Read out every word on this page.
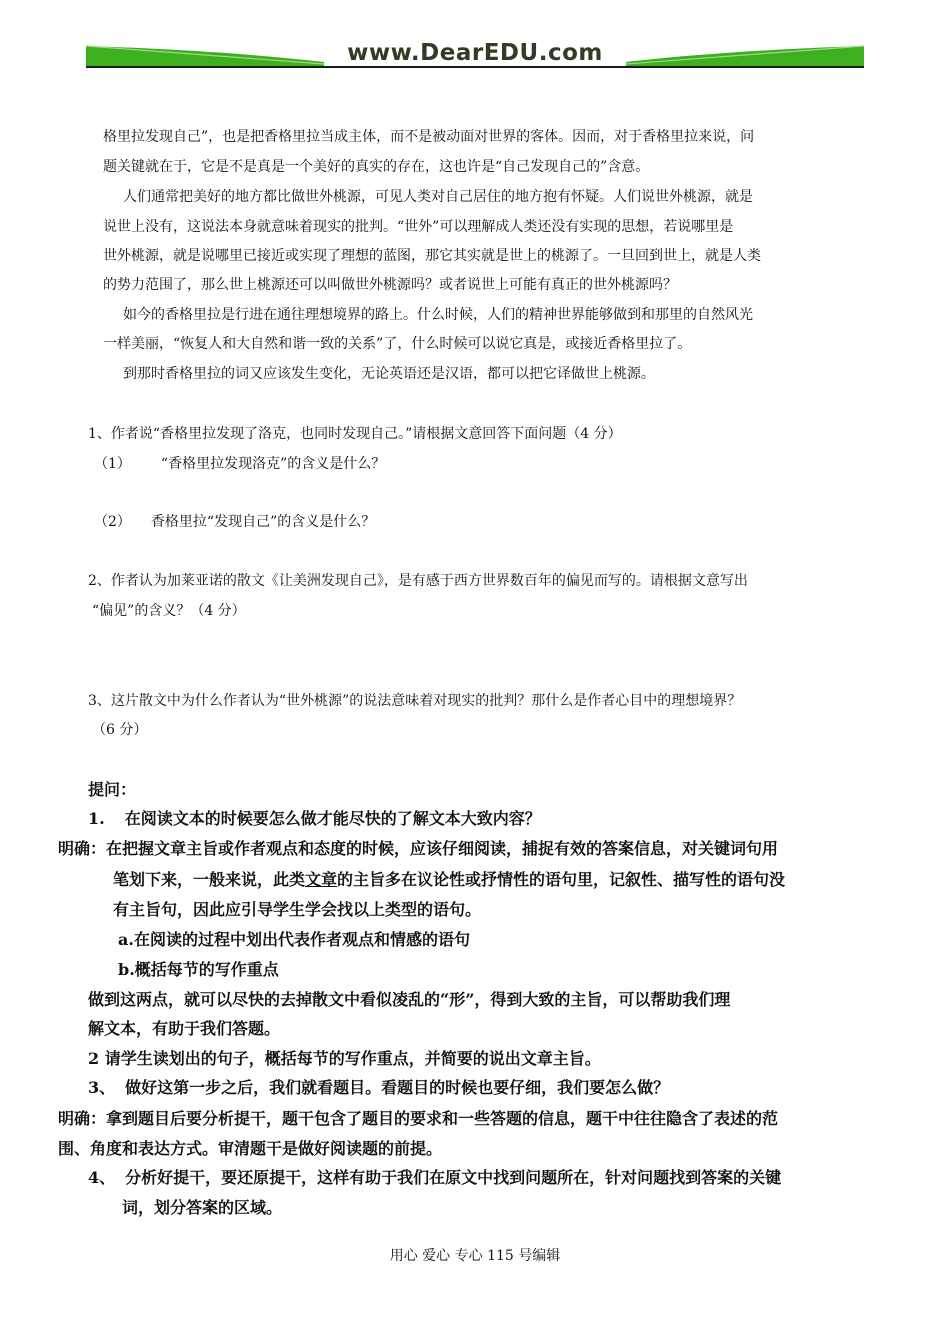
www.DearEDU.com
格里拉发现自己”，也是把香格里拉当成主体，而不是被动面对世界的客体。因而，对于香格里拉来说，问
题关键就在于，它是不是真是一个美好的真实的存在，这也许是“自己发现自己的”含意。
人们通常把美好的地方都比做世外桃源，可见人类对自己居住的地方抱有怀疑。人们说世外桃源，就是
说世上没有，这说法本身就意味着现实的批判。“世外”可以理解成人类还没有实现的思想，若说哪里是
世外桃源，就是说哪里已接近或实现了理想的蓝图，那它其实就是世上的桃源了。一旦回到世上，就是人类
的势力范围了，那么世上桃源还可以叫做世外桃源吗？或者说世上可能有真正的世外桃源吗？
如今的香格里拉是行进在通往理想境界的路上。什么时候，人们的精神世界能够做到和那里的自然风光
一样美丽，“恢复人和大自然和谐一致的关系”了，什么时候可以说它真是，或接近香格里拉了。
到那时香格里拉的词又应该发生变化，无论英语还是汉语，都可以把它译做世上桃源。
1、作者说“香格里拉发现了洛克，也同时发现自己。”请根据文意回答下面问题（4 分）
（1） “香格里拉发现洛克”的含义是什么？
（2） 香格里拉“发现自己”的含义是什么？
2、作者认为加莱亚诺的散文《让美洲发现自己》，是有感于西方世界数百年的偏见而写的。请根据文意写出
“偏见”的含义？（4 分）
3、这片散文中为什么作者认为“世外桃源”的说法意味着对现实的批判？那什么是作者心目中的理想境界？
（6 分）
提问：
1. 在阅读文本的时候要怎么做才能尽快的了解文本大致内容？
明确：在把握文章主旨或作者观点和态度的时候，应该仔细阅读，捕捉有效的答案信息，对关键词句用
笔划下来，一般来说，此类文章的主旨多在议论性或抒情性的语句里，记叙性、描写性的语句没
有主旨句，因此应引导学生学会找以上类型的语句。
a.在阅读的过程中划出代表作者观点和情感的语句
b.概括每节的写作重点
做到这两点，就可以尽快的去掉散文中看似凌乱的“形”，得到大致的主旨，可以帮助我们理
解文本，有助于我们答题。
2 请学生读划出的句子，概括每节的写作重点，并简要的说出文章主旨。
3、 做好这第一步之后，我们就看题目。看题目的时候也要仔细，我们要怎么做？
明确：拿到题目后要分析提干，题干包含了题目的要求和一些答题的信息，题干中往往隐含了表述的范
围、角度和表达方式。审清题干是做好阅读题的前提。
4、 分析好提干，要还原提干，这样有助于我们在原文中找到问题所在，针对问题找到答案的关键
词，划分答案的区域。
用心 爱心 专心 115 号编辑
